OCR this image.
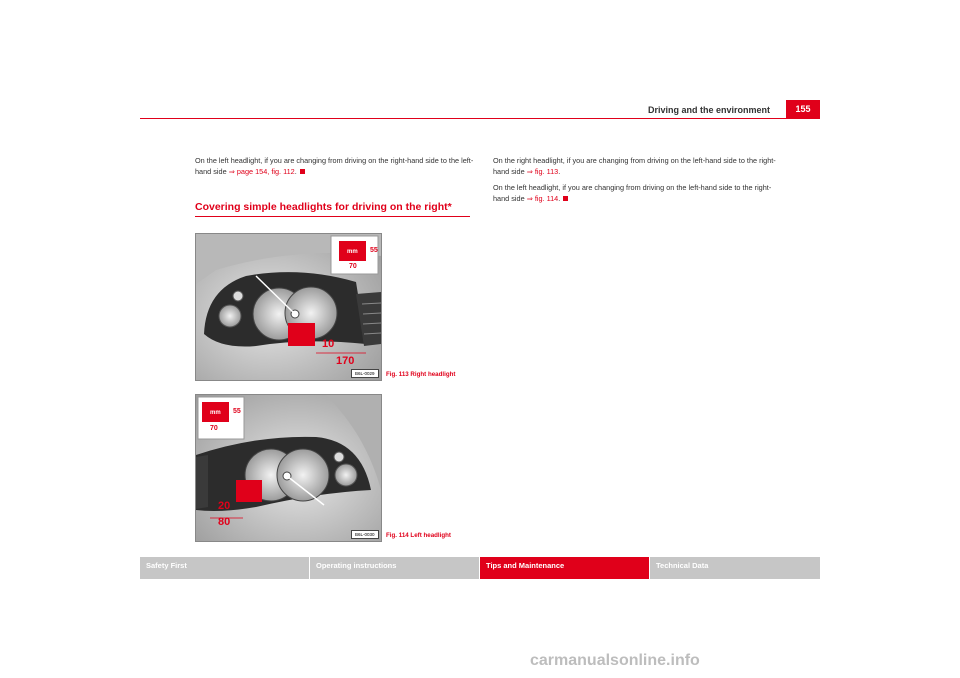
Driving and the environment	155
On the left headlight, if you are changing from driving on the right-hand side to the left-hand side ⇒ page 154, fig. 112.
Covering simple headlights for driving on the right*
mm 55
70
10
170
B6L-0029	Fig. 113 Right headlight
mm 55
70
20
80
B6L-0030	Fig. 114 Left headlight
On the right headlight, if you are changing from driving on the left-hand side to the right-hand side ⇒ fig. 113.
On the left headlight, if you are changing from driving on the left-hand side to the right-hand side ⇒ fig. 114.
Safety First	Operating instructions	Tips and Maintenance	Technical Data
carmanualsonline.info
